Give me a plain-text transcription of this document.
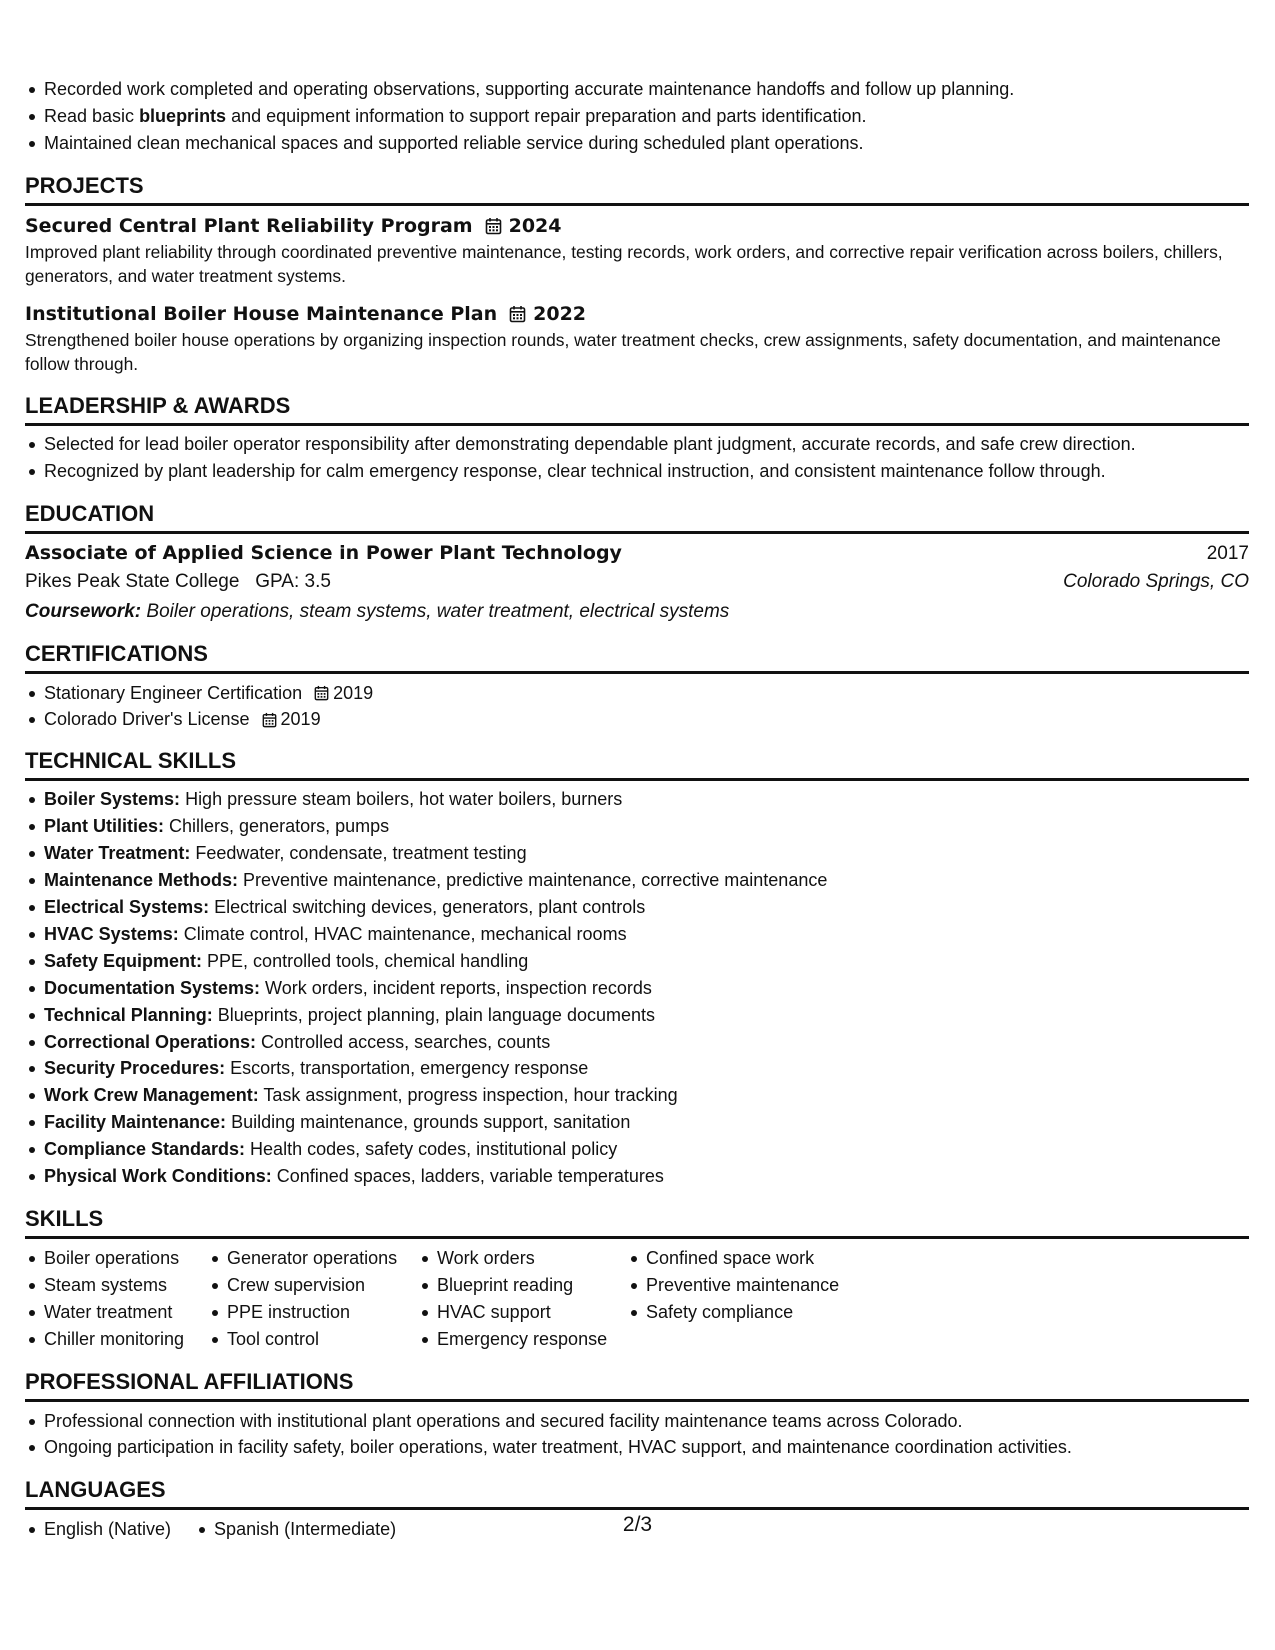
Recorded work completed and operating observations, supporting accurate maintenance handoffs and follow up planning.
Read basic blueprints and equipment information to support repair preparation and parts identification.
Maintained clean mechanical spaces and supported reliable service during scheduled plant operations.
PROJECTS
Secured Central Plant Reliability Program 2024
Improved plant reliability through coordinated preventive maintenance, testing records, work orders, and corrective repair verification across boilers, chillers, generators, and water treatment systems.
Institutional Boiler House Maintenance Plan 2022
Strengthened boiler house operations by organizing inspection rounds, water treatment checks, crew assignments, safety documentation, and maintenance follow through.
LEADERSHIP & AWARDS
Selected for lead boiler operator responsibility after demonstrating dependable plant judgment, accurate records, and safe crew direction.
Recognized by plant leadership for calm emergency response, clear technical instruction, and consistent maintenance follow through.
EDUCATION
Associate of Applied Science in Power Plant Technology	2017
Pikes Peak State College GPA: 3.5	Colorado Springs, CO
Coursework: Boiler operations, steam systems, water treatment, electrical systems
CERTIFICATIONS
Stationary Engineer Certification 2019
Colorado Driver's License 2019
TECHNICAL SKILLS
Boiler Systems: High pressure steam boilers, hot water boilers, burners
Plant Utilities: Chillers, generators, pumps
Water Treatment: Feedwater, condensate, treatment testing
Maintenance Methods: Preventive maintenance, predictive maintenance, corrective maintenance
Electrical Systems: Electrical switching devices, generators, plant controls
HVAC Systems: Climate control, HVAC maintenance, mechanical rooms
Safety Equipment: PPE, controlled tools, chemical handling
Documentation Systems: Work orders, incident reports, inspection records
Technical Planning: Blueprints, project planning, plain language documents
Correctional Operations: Controlled access, searches, counts
Security Procedures: Escorts, transportation, emergency response
Work Crew Management: Task assignment, progress inspection, hour tracking
Facility Maintenance: Building maintenance, grounds support, sanitation
Compliance Standards: Health codes, safety codes, institutional policy
Physical Work Conditions: Confined spaces, ladders, variable temperatures
SKILLS
Boiler operations
Steam systems
Water treatment
Chiller monitoring
Generator operations
Crew supervision
PPE instruction
Tool control
Work orders
Blueprint reading
HVAC support
Emergency response
Confined space work
Preventive maintenance
Safety compliance
PROFESSIONAL AFFILIATIONS
Professional connection with institutional plant operations and secured facility maintenance teams across Colorado.
Ongoing participation in facility safety, boiler operations, water treatment, HVAC support, and maintenance coordination activities.
LANGUAGES
English (Native)	Spanish (Intermediate)	2/3
